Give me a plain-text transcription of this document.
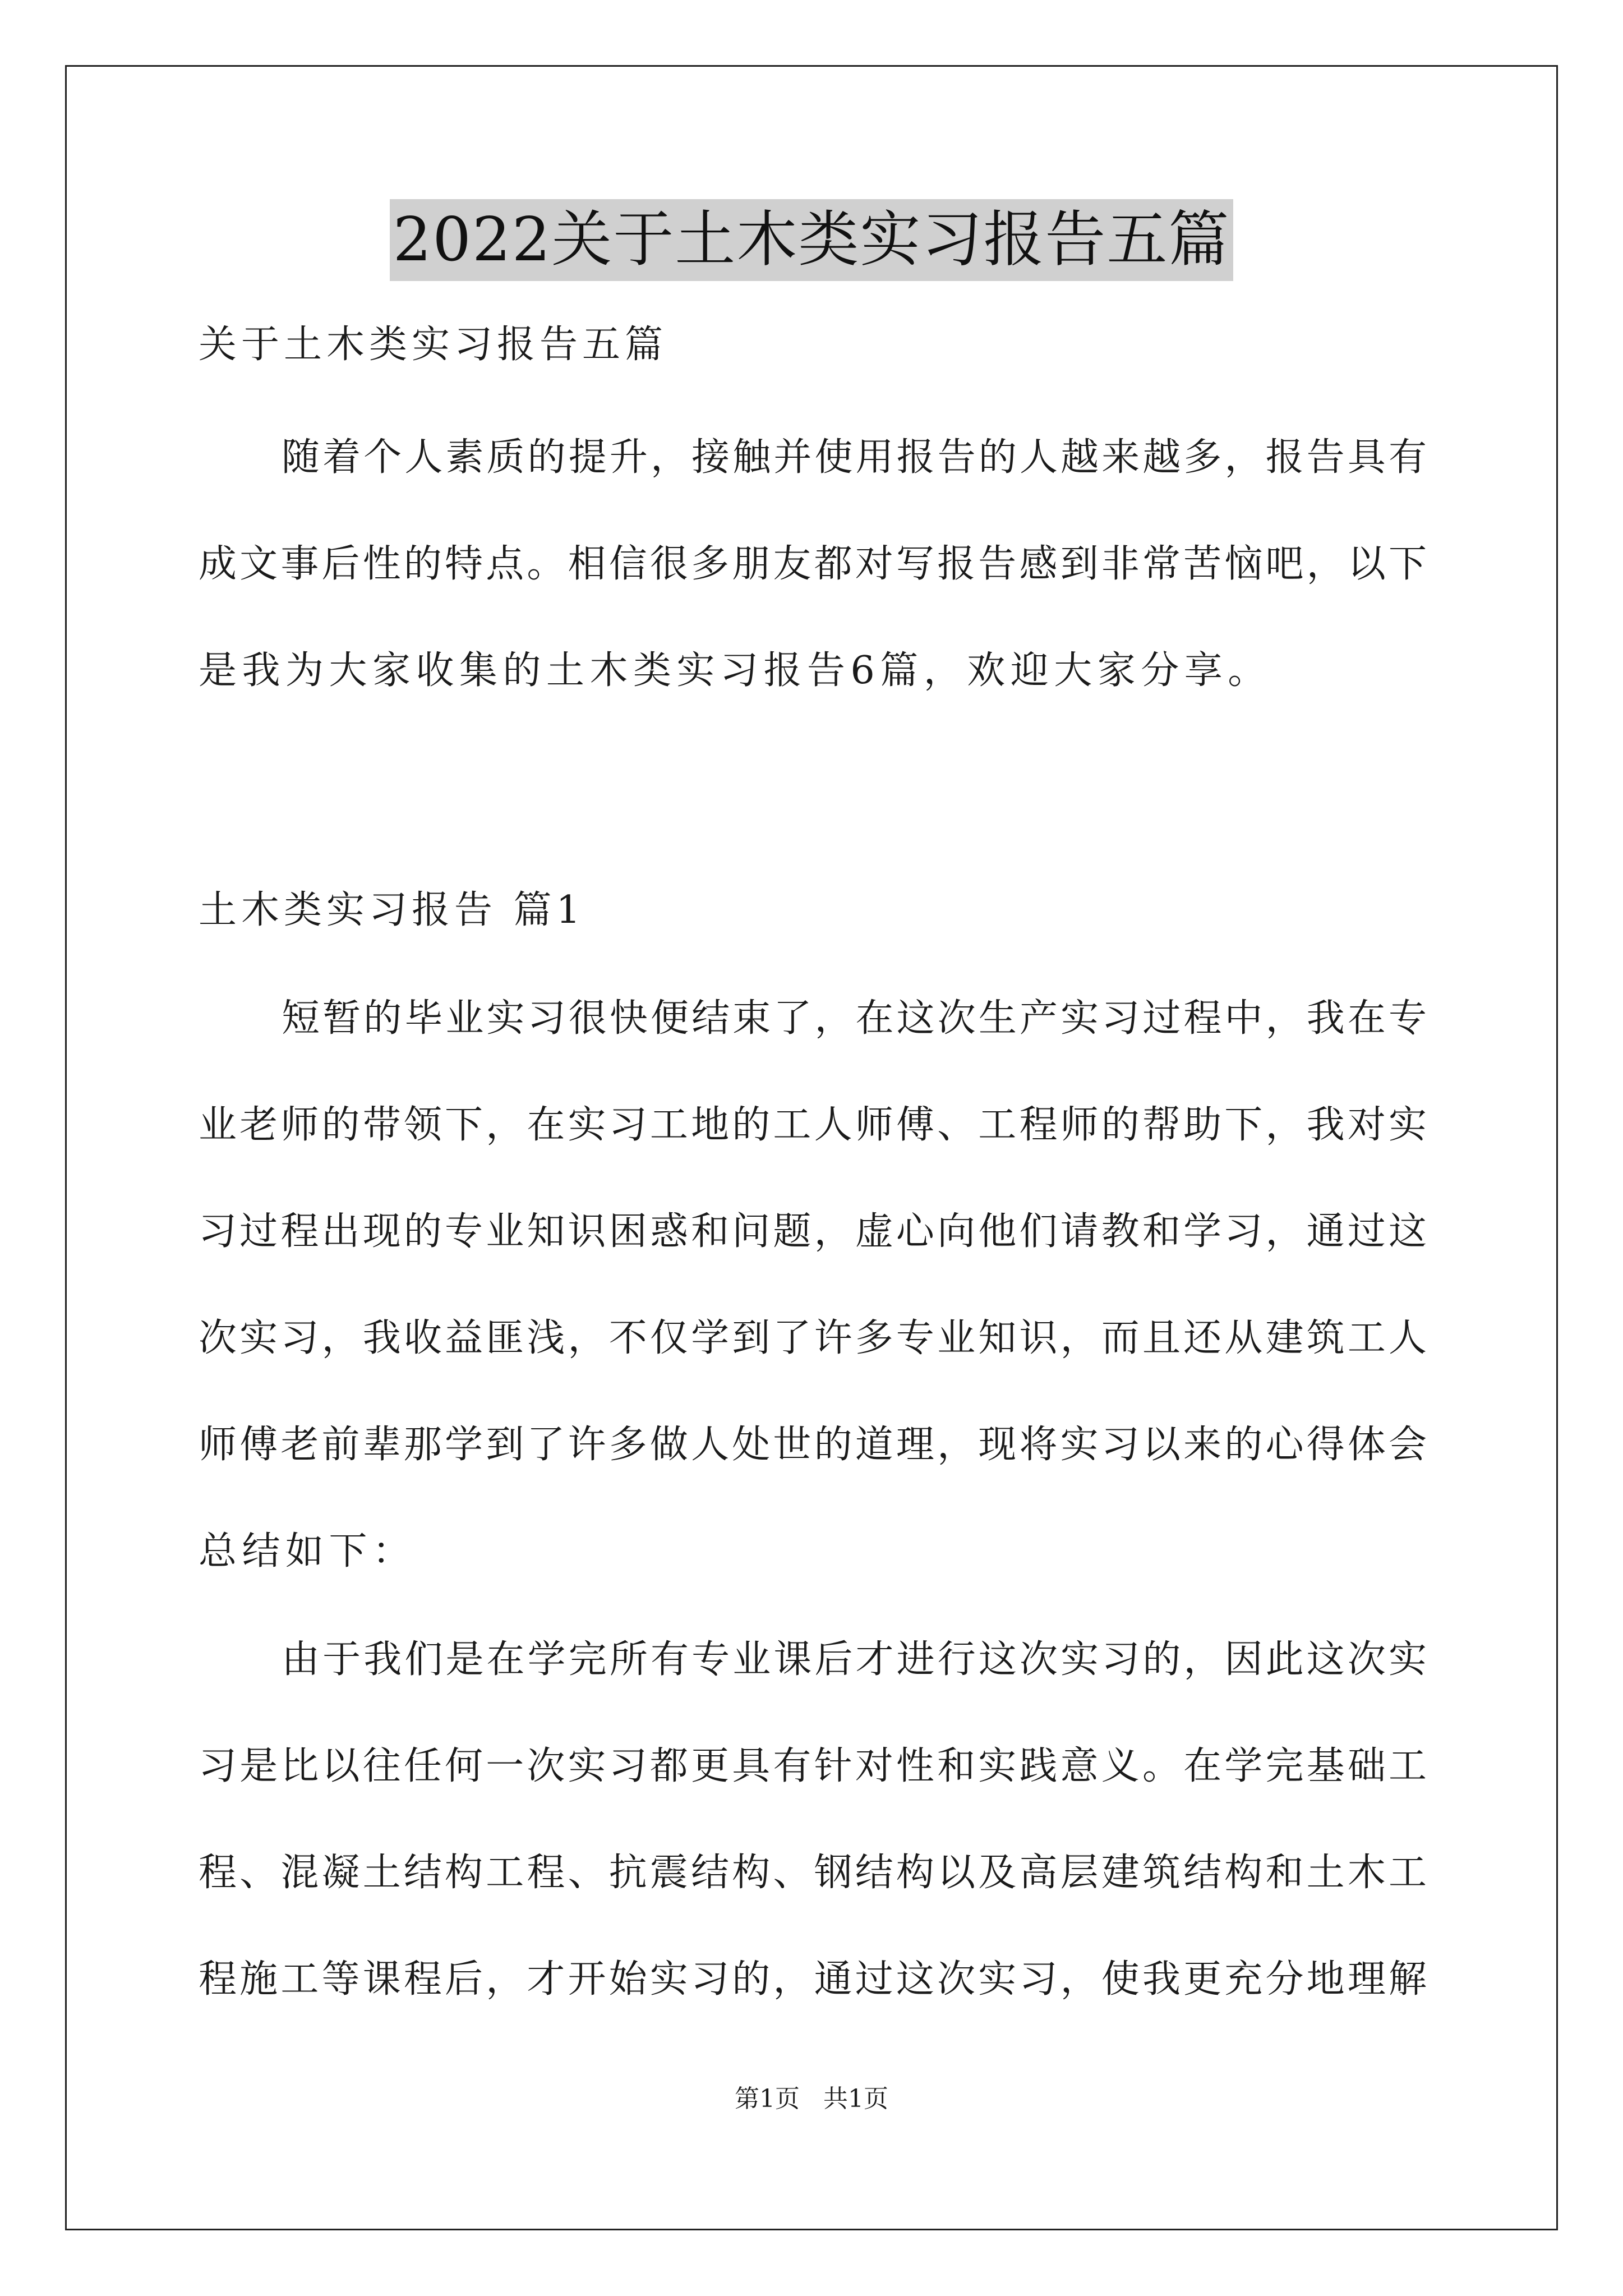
2022关于土木类实习报告五篇
关于土木类实习报告五篇
随着个人素质的提升，接触并使用报告的人越来越多，报告具有
成文事后性的特点。相信很多朋友都对写报告感到非常苦恼吧，以下
是我为大家收集的土木类实习报告6篇，欢迎大家分享。
土木类实习报告 篇1
短暂的毕业实习很快便结束了，在这次生产实习过程中，我在专
业老师的带领下，在实习工地的工人师傅、工程师的帮助下，我对实
习过程出现的专业知识困惑和问题，虚心向他们请教和学习，通过这
次实习，我收益匪浅，不仅学到了许多专业知识，而且还从建筑工人
师傅老前辈那学到了许多做人处世的道理，现将实习以来的心得体会
总结如下：
由于我们是在学完所有专业课后才进行这次实习的，因此这次实
习是比以往任何一次实习都更具有针对性和实践意义。在学完基础工
程、混凝土结构工程、抗震结构、钢结构以及高层建筑结构和土木工
程施工等课程后，才开始实习的，通过这次实习，使我更充分地理解
第1页   共1页
